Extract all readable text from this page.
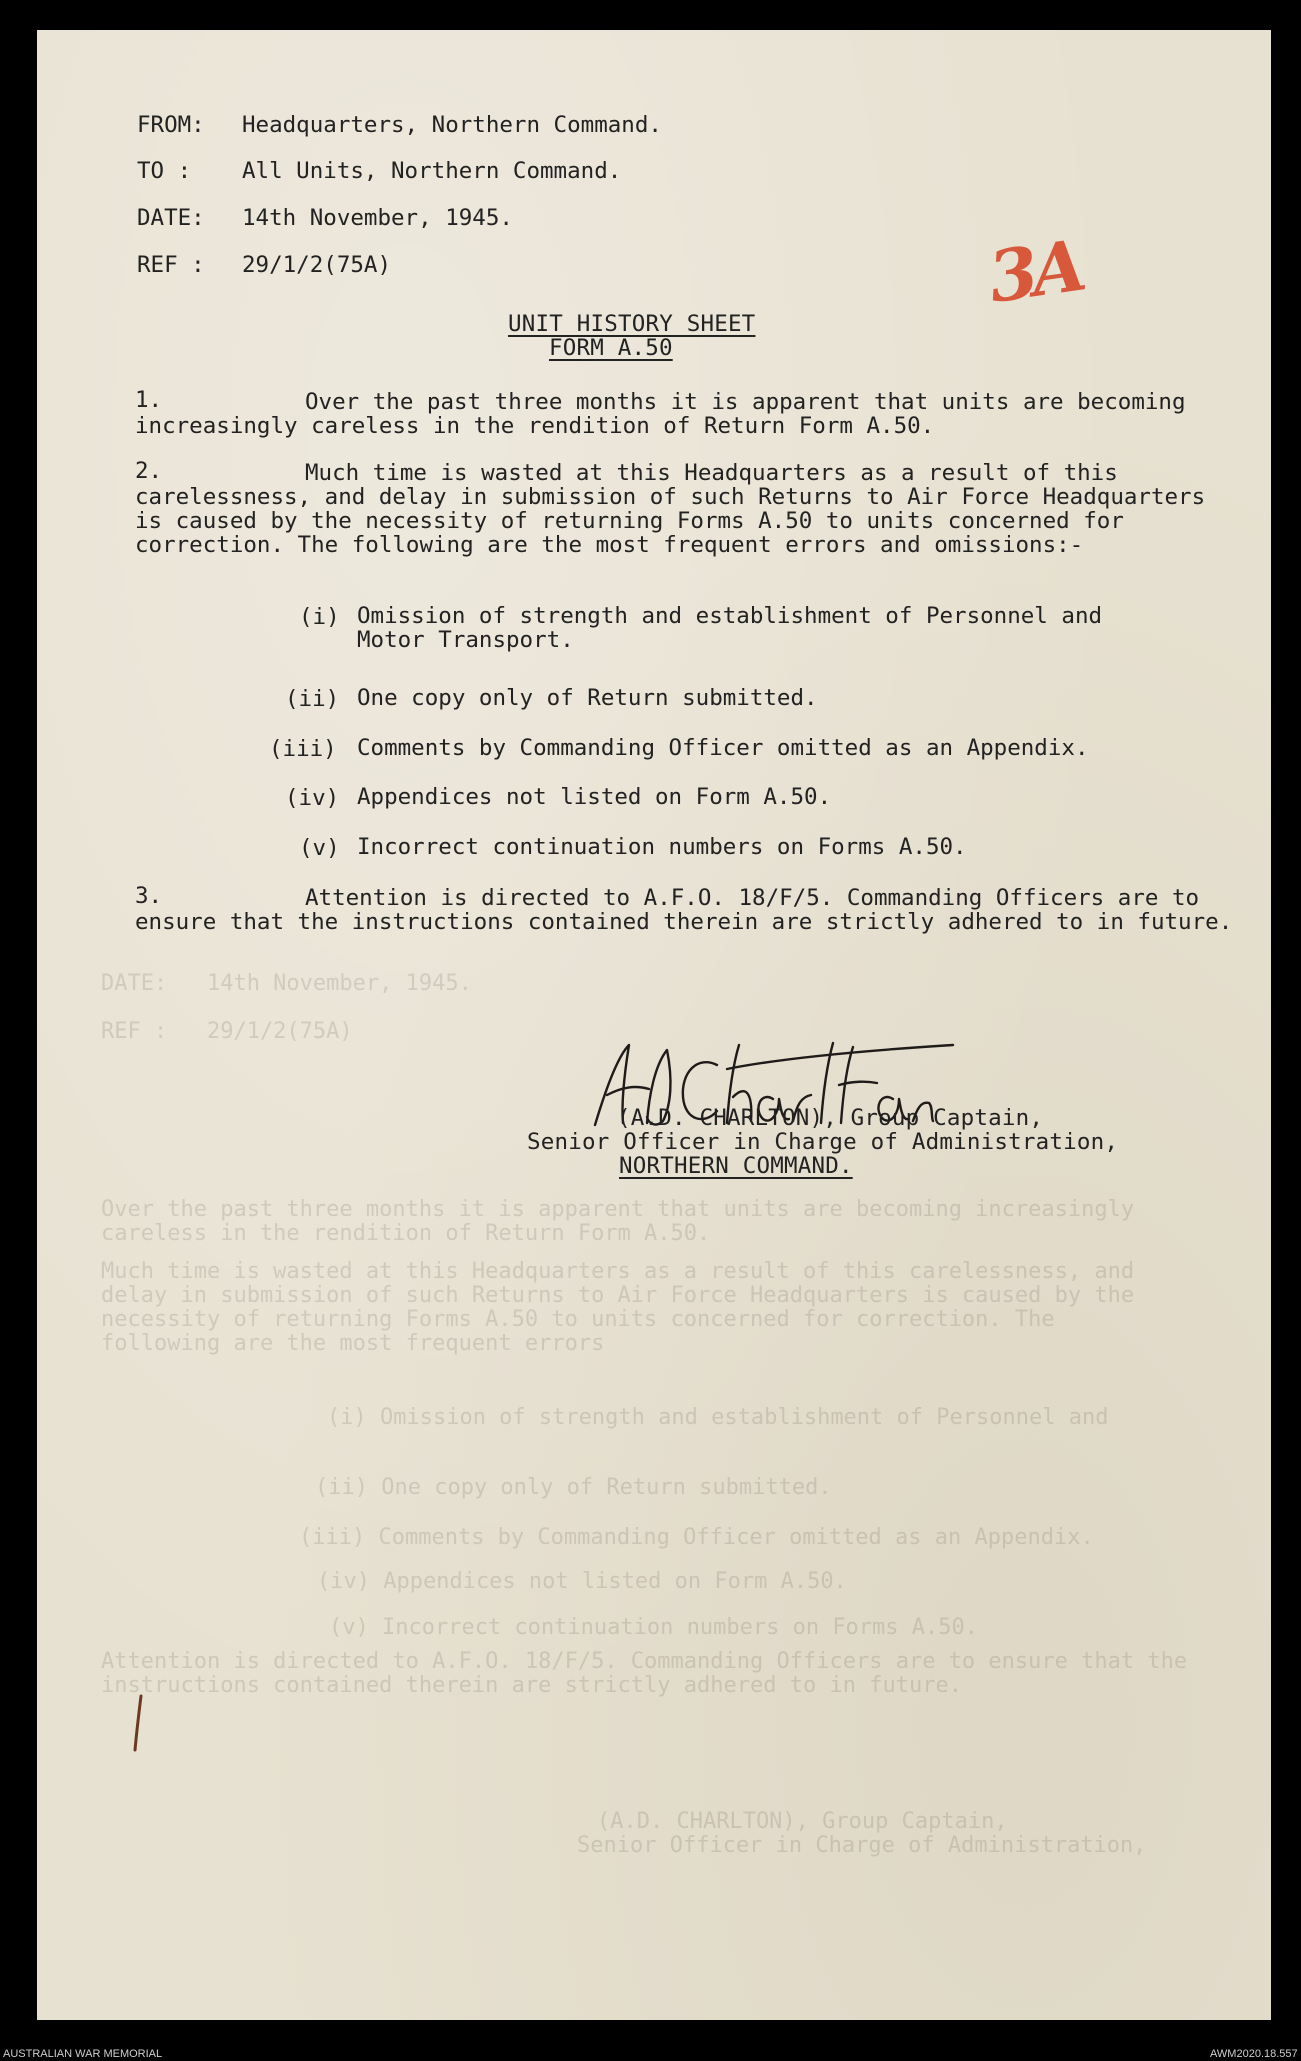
DATE:   14th November, 1945.
REF :   29/1/2(75A)
Over the past three months it is apparent that units are becoming increasingly careless in the rendition of Return Form A.50.
Much time is wasted at this Headquarters as a result of this carelessness, and delay in submission of such Returns to Air Force Headquarters is caused by the necessity of returning Forms A.50 to units concerned for correction. The following are the most frequent errors
(i) Omission of strength and establishment of Personnel and
(ii) One copy only of Return submitted.
(iii) Comments by Commanding Officer omitted as an Appendix.
(iv) Appendices not listed on Form A.50.
(v) Incorrect continuation numbers on Forms A.50.
Attention is directed to A.F.O. 18/F/5. Commanding Officers are to ensure that the instructions contained therein are strictly adhered to in future.
(A.D. CHARLTON), Group Captain,
Senior Officer in Charge of Administration,
FROM: Headquarters, Northern Command.
TO : All Units, Northern Command.
DATE: 14th November, 1945.
REF : 29/1/2(75A)	3A
UNIT HISTORY SHEET
FORM A.50
1.	Over the past three months it is apparent that units are becoming increasingly careless in the rendition of Return Form A.50.
2.	Much time is wasted at this Headquarters as a result of this carelessness, and delay in submission of such Returns to Air Force Headquarters is caused by the necessity of returning Forms A.50 to units concerned for correction. The following are the most frequent errors and omissions:-
(i) Omission of strength and establishment of Personnel and Motor Transport.
(ii) One copy only of Return submitted.
(iii) Comments by Commanding Officer omitted as an Appendix.
(iv) Appendices not listed on Form A.50.
(v) Incorrect continuation numbers on Forms A.50.
3.	Attention is directed to A.F.O. 18/F/5. Commanding Officers are to ensure that the instructions contained therein are strictly adhered to in future.
(A.D. CHARLTON), Group Captain,
Senior Officer in Charge of Administration,
NORTHERN COMMAND.
AUSTRALIAN WAR MEMORIAL	AWM2020.18.557
